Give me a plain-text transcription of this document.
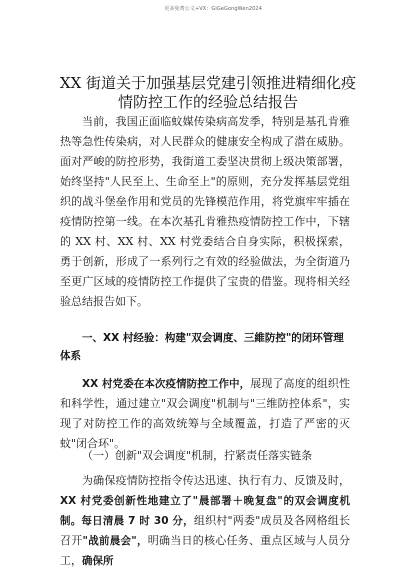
更多免费公文+VX：GiGeGongWen2024
XX 街道关于加强基层党建引领推进精细化疫
情防控工作的经验总结报告
当前，我国正面临蚊媒传染病高发季，特别是基孔肯雅热等急性传染病，对人民群众的健康安全构成了潜在威胁。面对严峻的防控形势，我街道工委坚决贯彻上级决策部署，始终坚持"人民至上、生命至上"的原则，充分发挥基层党组织的战斗堡垒作用和党员的先锋模范作用，将党旗牢牢插在疫情防控第一线。在本次基孔肯雅热疫情防控工作中，下辖的 XX 村、XX 村、XX 村党委结合自身实际，积极探索，勇于创新，形成了一系列行之有效的经验做法，为全街道乃至更广区域的疫情防控工作提供了宝贵的借鉴。现将相关经验总结报告如下。
一、XX 村经验：构建"双会调度、三維防控"的闭环管理体系
XX 村党委在本次疫情防控工作中，展现了高度的组织性和科学性，通过建立"双会调度"机制与"三维防控体系"，实现了对防控工作的高效统筹与全域覆盖，打造了严密的灭蚊"闭合环"。
（一）创新"双会调度"机制，拧紧责任落实链条
为确保疫情防控指令传达迅速、执行有力、反馈及时，XX 村党委创新性地建立了"晨部署＋晚复盘"的双会调度机制。每日清晨 7 时 30 分，组织村"两委"成员及各网格组长召开"战前晨会"，明确当日的核心任务、重点区域与人员分工，确保所
